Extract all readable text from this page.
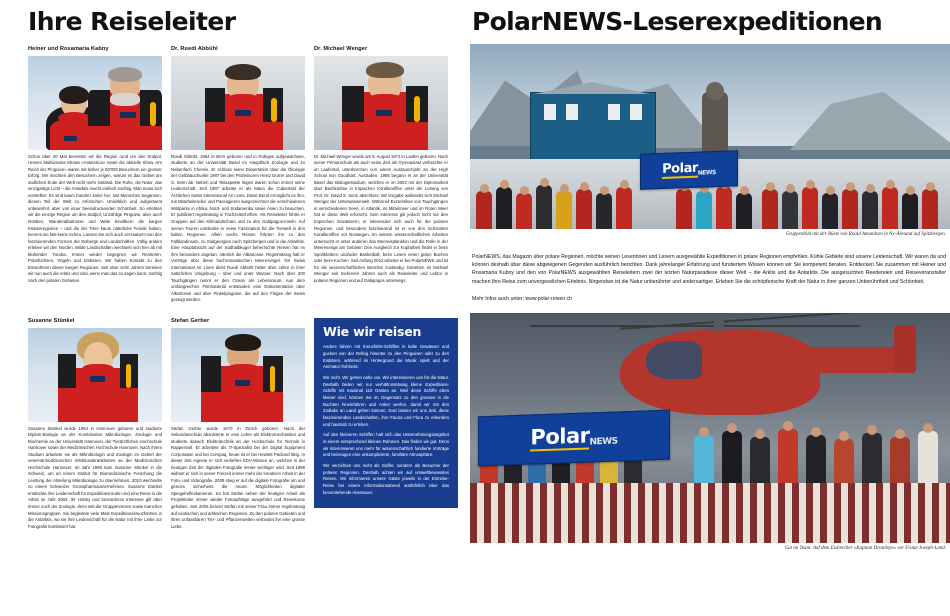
Ihre Reiseleiter
Heiner und Rosamaria Kabny
Schon über 20 Mal bereisten wir die Region rund um den Südpol. Unsere Multivisions-Shows «Antarctica» sowie die aktuelle Show «Im Reich der Pinguine» waren mit bisher je 50'000 Besuchern ein grosser Erfolg. Wir möchten den Besuchern zeigen, warum es das Gebiet am südlichen Ende der Welt nicht mehr lostässt. Die Ruhe, die Natur, das einzigartige Licht – die Antarktis macht einfach süchtig. Man muss sich vorstellen: Es sind kaum hundert Jahre her, seit Menschen begannen, diesen Teil der Welt zu erforschen. Unwirklich und aufgeräumt unbewohnt, aber von einer beeindruckenden Schönheit. So erlebten wir die einzige Region um den Südpol. Unzählige Pinguine, aber auch Robben, Wanderalbatrosse und Wale bevölkern die kargen Küstenregionen – und die der Tiere kaum natürliche Feinde haben, kennen sie fast keine Scheu. Lassen Sie sich auch verzaubern von den faszinierenden Formen der Eisberge und Landschaften. Völlig anders erleben wir den Norden. Wilde Landschaften wechseln sich hier ab mit blühender Tundra. Immer wieder begegnen wir Rentieren, Polarfüchsen, Vögeln und Eisbären. Wir haben Kontakt zu den Einwohnern dieser kargen Regionen. Seit über zehn Jahren bereisen wir nun auch die Arktis und sind, wenn man das so sagen kann: süchtig nach den polaren Gebieten.
Dr. Ruedi Abbühl
Ruedi Abbühl, 1964 in Bern geboren und in Rubigen aufgewachsen, studierte an der Universität Basel im Hauptfach Zoologie und im Nebenfach Chemie. Er schloss seine Dissertation über die Ökologie der Gelbbauchunke 1997 bei den Professoren Heinz Durrer und David S. Senn ab. Neben und Teilaspekte liegen waren schon immer seine Leidenschaft. Seit 1997 arbeitet er als Mann die Cubierteld der Ärztlichen Swiss International Air Lines. Diese Beruf ermöglicht es ihm, mit Mitarbeitenden und Passagieren ausgezeichnet die verschiedenen Wildparks in Afrika, Nord- und Südamerika sowie Asien zu besuchen. Er publiziert regelmässig in Fachzeitschriften. Als Reiseleiter führte er Gruppen auf den Kilimandscharo und zu den Galápagos-Inseln. Auf seinen Touren entdeckte er seine Faszination für die Tierwelt in den kalten Regionen. Allein sechs Reisen führten ihn zu den Falklandinseln, zu Südgeorgien nach Spitzbergen und in die Antarktis. Eine Hauptabsicht auf der Südhalbkugel beherrschte Reisen hat es ihm besonders angetan, nämlich die Albatrosse. Regelmässig hält er Vorträge über diese hochromantischen Meeresvögel. Ihn Swiss International Air Lines dieht Ruedi Abbühl heiter über Jahre in ihrer natürlichen Umgebung – über und unter Wasser. Nach über 200 Tauchgängen nennt er den Ozean als Lebensraum. Aus dem umfangreichen Filmmaterial entstanden eine Dokumentation über Albatrosse und über Pinkelpinguine, die auf den Flügen der Swiss gezeigt werden.
Dr. Michael Wenger
Dr. Michael Wenger wurde am 9. August 1972 in Laufen geboren. Nach seiner Primarschule als auch seine Zeit als Gymnasiast verbrachte er im Laufental, unterbrochen von einem Austauschjahr an der High School von Goodhart, Australien. 1995 begann er an der Universität Basel das Biologiestudium, welches er im 2002 mit der Diplomarbeit über Bachkrebse in tropischen Korallenriffen unter der Leitung von Prof. Dr. David S. Senn abschloss. Mit Vorgabe wallendet sich Michael Wenger der Unterwasserwelt. Während Exzentrikes von Tauchgängen in verschiedenen Seen, in Atlantik, im Mittelmeer und im Roten Meer hat er diese Welt erforscht. Sein Interesse gilt jedoch nicht nur den tropischen Gewässern; er interessiert sich auch für die polaren Regionen, und besonders faszinierend ist er von den Schönsten Korallenriffen vor Norwegen. Im seinem wissenschaftlichen Arbeiten untersucht er unter anderen das Meereisplankton und die Rolle in der Meeresenge am Gebiete: Den Ausgleich zur Kopfarbeit findet er beim Sportklettern und/oder Basketball, beim Lesen einen guten Buches oder beim Kochen. Seit Anfang 2012 arbeitet er bei PolarNEWS und ist für die wissenschaftlichen Berichte zuständig. Daneben ist Michael Wenger seit mehreren Jahren auch als Reiseleiter und Lektor in polaren Regionen und auf Galapagos unterwegs.
Susanne Stünkel
Susanne Stünkel wurde 1964 in Hannover geboren und studierte Diplom-Biologie an der Kombination Mikrobiologie, Zoologie und Biochemie an der Universität Hannover, der Tierärztlichen Hochschule Hannover sowie der Medizinischen Hochschule Hannover. Nach ihrem Studium arbeitete sie als Mikrobiologin und Zoologin im Gebiet der veterinärmedizinischen Infektionskrankheiten an der Medizinischen Hochschule Hannover. Im Jahr 1995 kam Susanne Stünkel in die Schweiz, um an einem Institut für Biomedizinische Forschung die Leistung der Abteilung Mikrobiologie zu übernehmen. 2010 wechselte zu einem Schweizer Grosspharmaunternehmen. Susanne Stünkel entdeckte ihre Leidenschaft für Expeditionsrouten und eine Reise in die Arktis im Jahr 2002. Ihr Hobby und besonderes Interesse gilt aber immer noch der Zoologie, denn seit der Gruppenreisen sowie manchen Missionsgruppen. Sie begleitete viele Male Expeditionskreuzfahrten in die Antarktis, wo sie ihre Leidenschaft für die Natur mit ihrer Liebe zur Fotografie kombiniert hat.
Stefan Gerber
Stefan Gerber wurde 1970 in Zürich geboren. Nach der Sekundarschule absolvierte er eine Lehre als Elektromechaniker und studierte danach Elektrotechnik an der Hochschule für Technik in Rapperswil. Er arbeitete als IT-Spezialist bei der Digital Equipment Corporation und bei Compaq, heute ist er bei Hewlett Packard tätig. In dieser Zeit eignete er sich vertieftes EDV-Wissen an, welches in der heutigen Zeit der digitalen Fotografie immer wichtiger wird. Seit 1999 widmet er sich in seiner Freizeit immer mehr der kreativen Arbeit in der Foto- und Videografie. 2009 stieg er auf die digitale Fotografie um und genoss sicherheits die neuen Möglichkeiten digitaler Spiegelreflexkameras. So hat Stefan neben der heutigen Arbeit als Projektleiter immer wieder Fotoaufträge ausgeführt und Reisekurse gehalten. Seit 2005 bereist Stefan mit seiner Frau immer regelmässig auf exotischen und arktischen Regionen. Zu den polaren Gebieten und ihren unfassbaren Tier- und Pflanzenwelten verbindet ihn eine grosse Liebe.
Wie wir reisen

Andere fahren mit Kreuzfahrt-Schiffen in kalte Gewässer und gucken von der Reling hinunter zu den Pinguinen oder zu den Eisbären, während im Hintergrund die Musik spielt und der Animator frohlockt.

Wir nicht. Wir gehen nahe ran. Wir interessieren uns für die Natur. Deshalb bieten wir nur verhältnismässig kleine Expeditions-Schiffe mit maximal 110 Gästen an. Weil diese Schiffe eben kleiner sind, können Sie im Gegensatz zu den grossen in die Buchten hineinfahren und Anker werfen, damit wir mit den Zodiaks an Land gehen können. Dort lassen wir uns Zeit, diese faszinierenden Landschaften, ihre Fauna und Flora zu erkunden und hautnah zu erleben.

Auf den kleineren Schiffen halt sich das Unternehmungsangebot in einem entsprechend kleinen Rahmen. Das finden wir gut. Denn wir interessieren uns mehr für wissenschaftlich fundierte Vorträge und beizeugen eine unkomplizierte, familiäre Atmosphäre.

Wir verzichten uns nicht als Gaffer, sondern als Besucher der polaren Regionen. Deshalb achten wir auf umweltbewusstes Reisen. Wir informieren unsere Gäste jeweils in der Einreise-Reise bei einem Informationsabend ausführlich über das bevorstehende Abenteuer.

PolarNEWS-Leserexpeditionen
Polar NEWS
Gruppenbild mit der Büste von Roald Amundsen in Ny-Ålesund auf Spitzbergen.
PolarNEWS, das Magazin über polare Regionen, möchte seinen Leserinnen und Lesern ausgewählte Expeditionen in polare Regionen empfehlen. Kühle Gebiete sind unsere Leidenschaft. Wir waren da und können deshalb über diese abgelegenen Gegenden ausführlich berichten. Dank jahrelanger Erfahrung und fundiertem Wissen können wir Sie kompetent beraten. Entdecken Sie zusammen mit Heiner und Rosamaria Kubny und den von PolarNEWS ausgewählten Reiseleitern zwei der letzten Naturparadiese dieser Welt – die Arktis und die Antarktis. Die ausgesuchten Reedereien und Reiseveranstalter machen Ihre Reise zum unvergesslichen Erlebnis. Nirgendwo ist die Natur unberührter und andersartiger. Erleben Sie die schöpferische Kraft der Natur in ihrer ganzen Unberührtheit und Schönheit.
Mehr Infos auch unter: www.polar-reisen.ch
Polar NEWS
Gut im Team: Auf dem Eisbrecher «Kapitan Dranitsyn» vor Franz-Joseph-Land.
